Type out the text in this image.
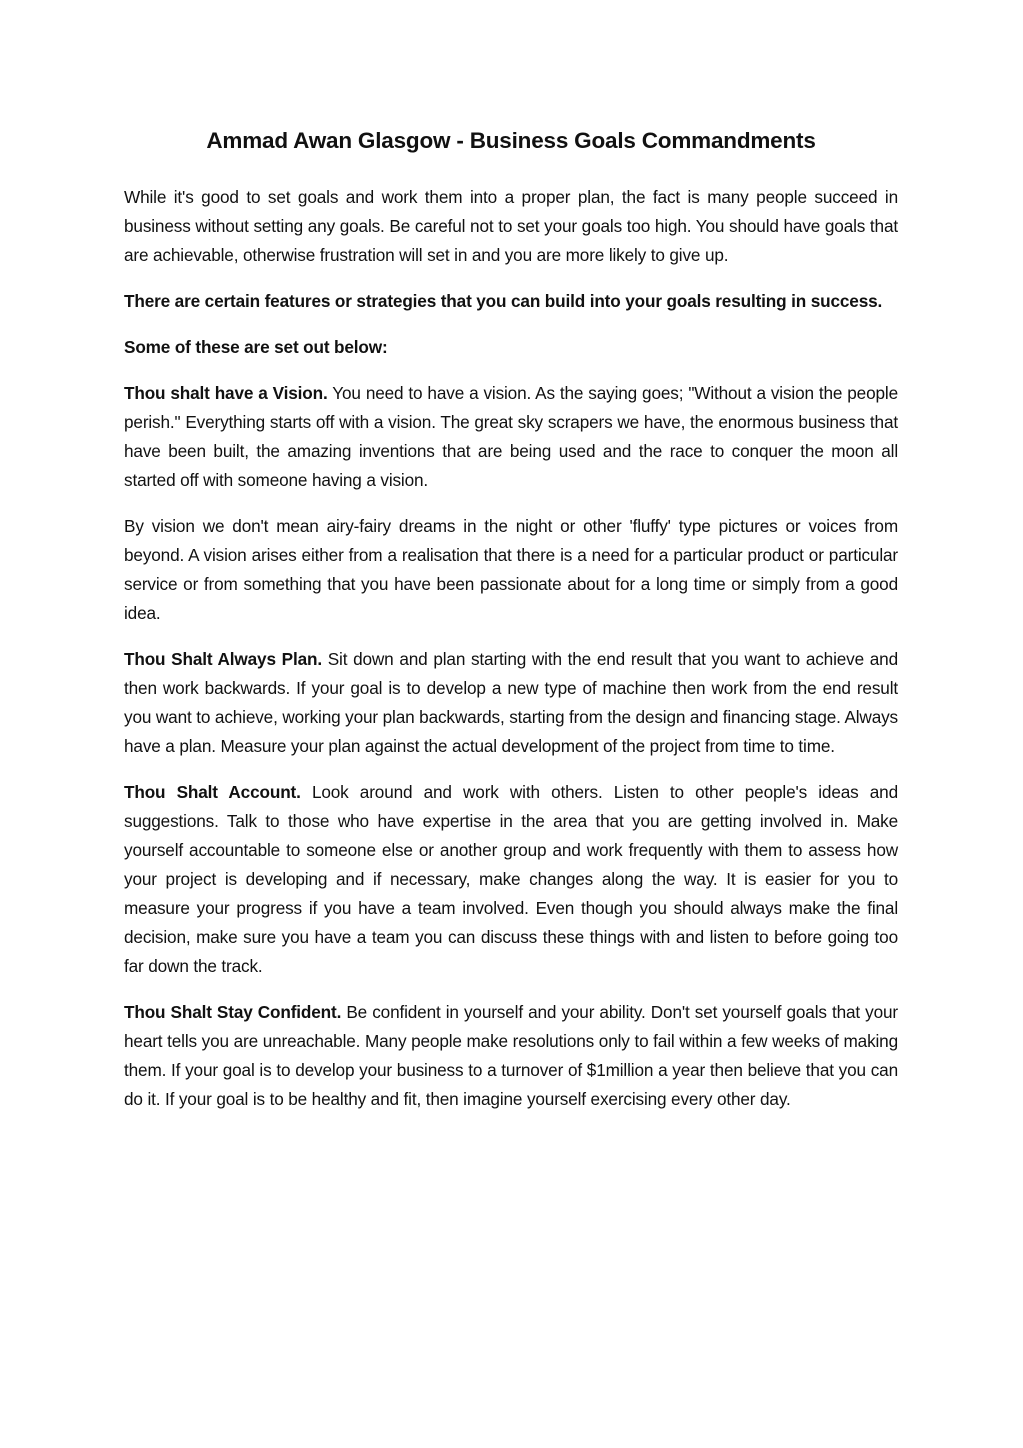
Ammad Awan Glasgow - Business Goals Commandments

While it's good to set goals and work them into a proper plan, the fact is many people succeed in business without setting any goals. Be careful not to set your goals too high. You should have goals that are achievable, otherwise frustration will set in and you are more likely to give up.

There are certain features or strategies that you can build into your goals resulting in success.

Some of these are set out below:

Thou shalt have a Vision. You need to have a vision. As the saying goes; "Without a vision the people perish." Everything starts off with a vision. The great sky scrapers we have, the enormous business that have been built, the amazing inventions that are being used and the race to conquer the moon all started off with someone having a vision.

By vision we don't mean airy-fairy dreams in the night or other 'fluffy' type pictures or voices from beyond. A vision arises either from a realisation that there is a need for a particular product or particular service or from something that you have been passionate about for a long time or simply from a good idea.

Thou Shalt Always Plan. Sit down and plan starting with the end result that you want to achieve and then work backwards. If your goal is to develop a new type of machine then work from the end result you want to achieve, working your plan backwards, starting from the design and financing stage. Always have a plan. Measure your plan against the actual development of the project from time to time.

Thou Shalt Account. Look around and work with others. Listen to other people's ideas and suggestions. Talk to those who have expertise in the area that you are getting involved in. Make yourself accountable to someone else or another group and work frequently with them to assess how your project is developing and if necessary, make changes along the way. It is easier for you to measure your progress if you have a team involved. Even though you should always make the final decision, make sure you have a team you can discuss these things with and listen to before going too far down the track.

Thou Shalt Stay Confident. Be confident in yourself and your ability. Don't set yourself goals that your heart tells you are unreachable. Many people make resolutions only to fail within a few weeks of making them. If your goal is to develop your business to a turnover of $1million a year then believe that you can do it. If your goal is to be healthy and fit, then imagine yourself exercising every other day.
